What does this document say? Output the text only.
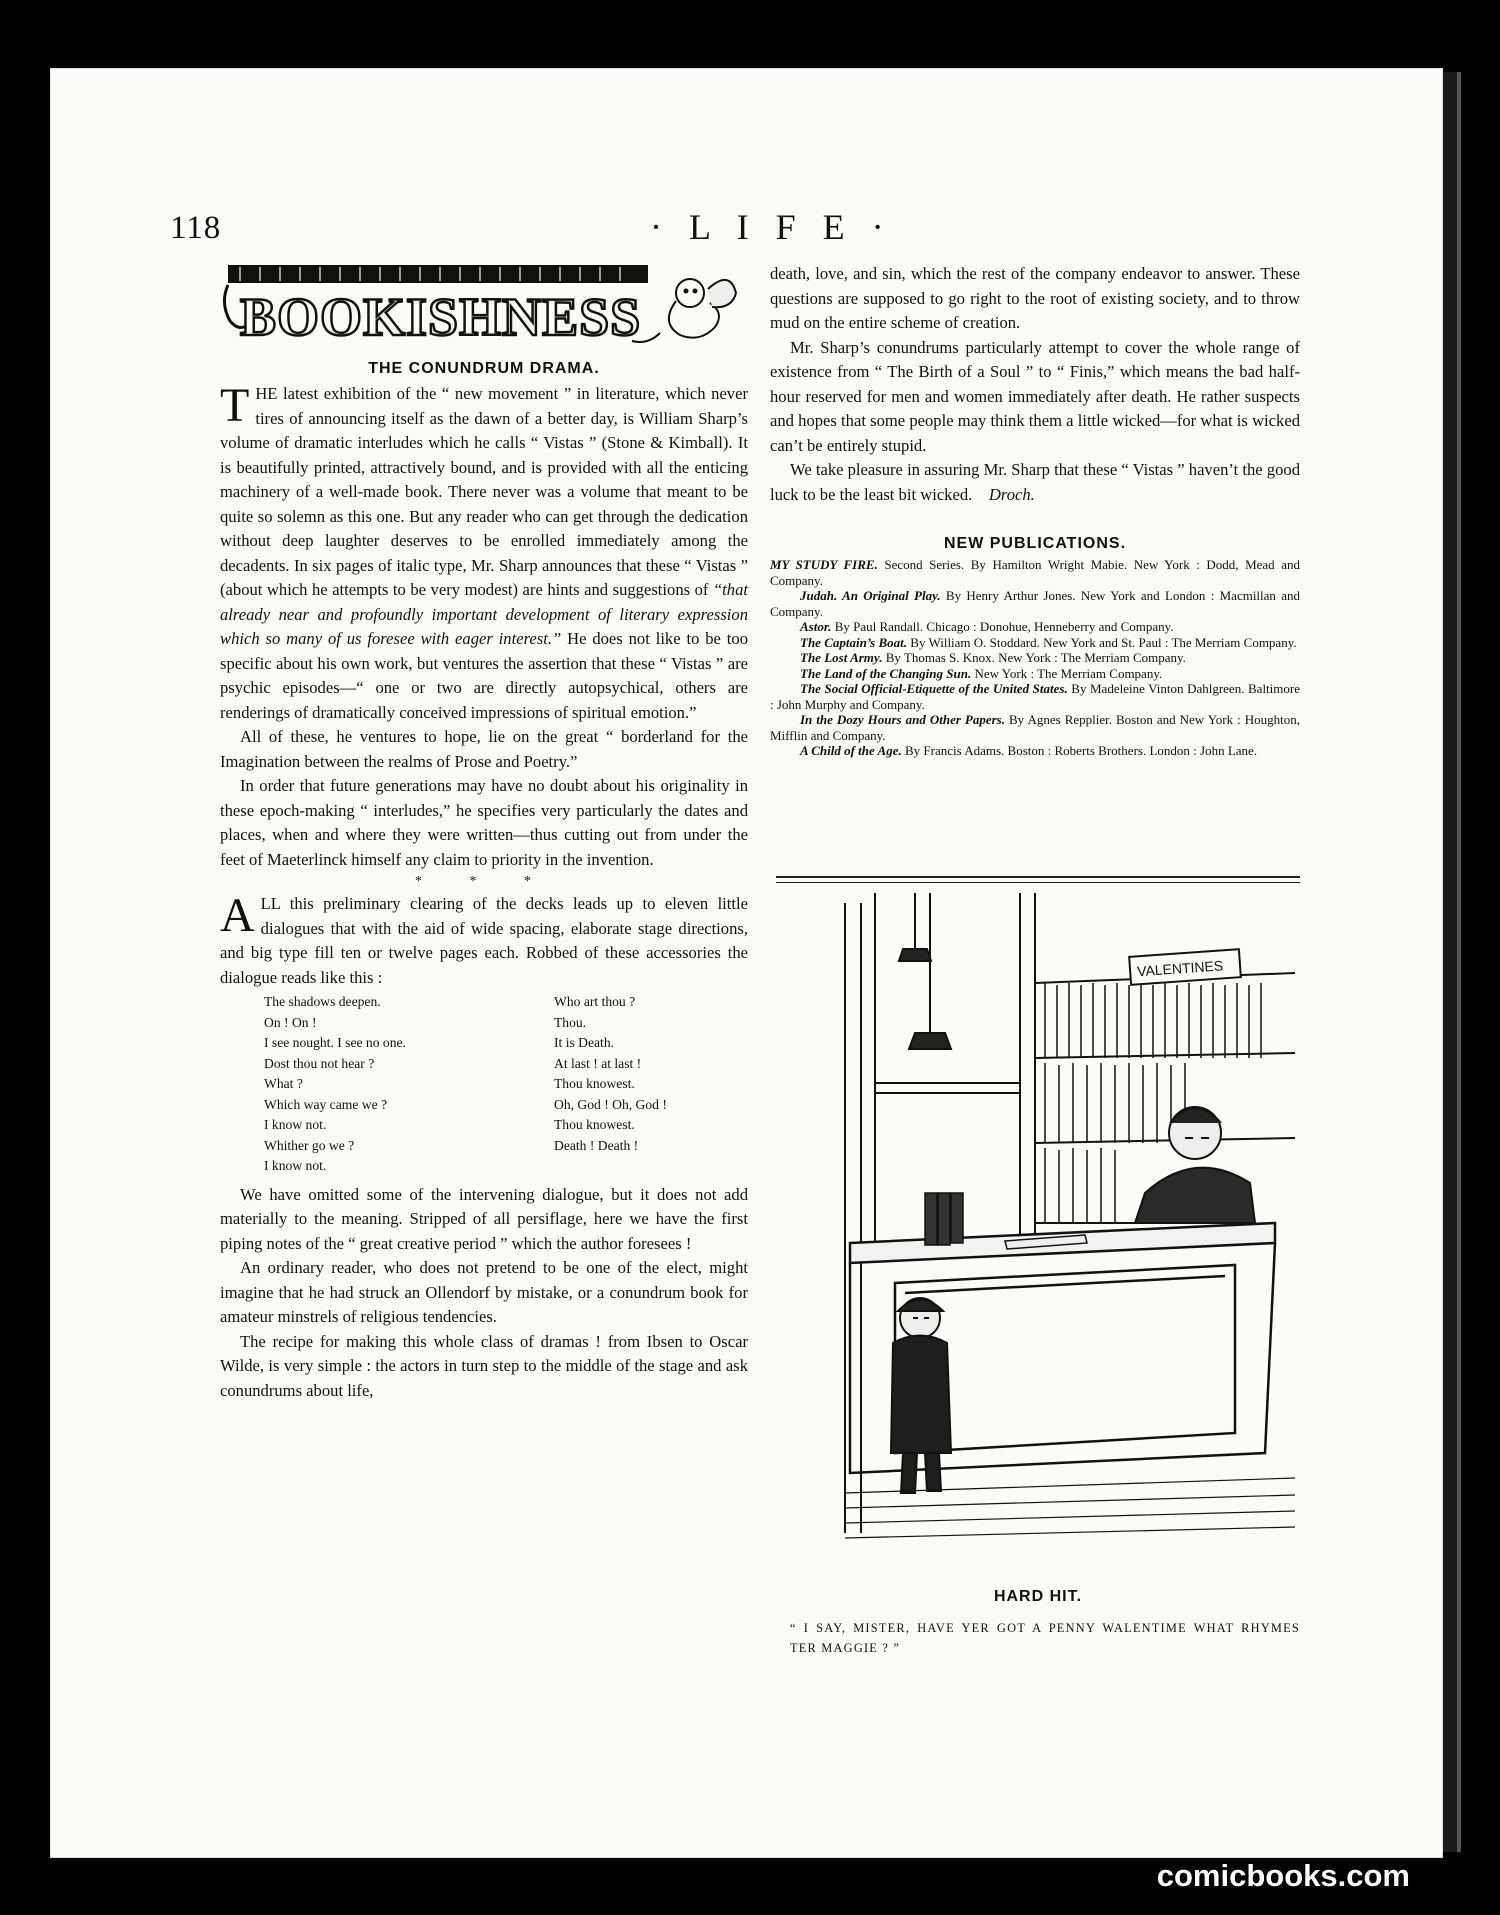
118	· L I F E ·
BOOKISHNESS
THE CONUNDRUM DRAMA.

THE latest exhibition of the “ new movement ” in literature, which never tires of announcing itself as the dawn of a better day, is William Sharp’s volume of dramatic interludes which he calls “ Vistas ” (Stone & Kimball). It is beautifully printed, attractively bound, and is provided with all the enticing machinery of a well-made book. There never was a volume that meant to be quite so solemn as this one. But any reader who can get through the dedication without deep laughter deserves to be enrolled immediately among the decadents. In six pages of italic type, Mr. Sharp announces that these “ Vistas ” (about which he attempts to be very modest) are hints and suggestions of “that already near and profoundly important development of literary expression which so many of us foresee with eager interest.” He does not like to be too specific about his own work, but ventures the assertion that these “ Vistas ” are psychic episodes—“ one or two are directly autopsychical, others are renderings of dramatically conceived impressions of spiritual emotion.”

All of these, he ventures to hope, lie on the great “ borderland for the Imagination between the realms of Prose and Poetry.”

In order that future generations may have no doubt about his originality in these epoch-making “ interludes,” he specifies very particularly the dates and places, when and where they were written—thus cutting out from under the feet of Maeterlinck himself any claim to priority in the invention.

* * *

ALL this preliminary clearing of the decks leads up to eleven little dialogues that with the aid of wide spacing, elaborate stage directions, and big type fill ten or twelve pages each. Robbed of these accessories the dialogue reads like this :

The shadows deepen.	Who art thou ?
On ! On !	Thou.
I see nought. I see no one.	It is Death.
Dost thou not hear ?	At last ! at last !
What ?	Thou knowest.
Which way came we ?	Oh, God ! Oh, God !
I know not.	Thou knowest.
Whither go we ?	Death ! Death !
I know not.

We have omitted some of the intervening dialogue, but it does not add materially to the meaning. Stripped of all persiflage, here we have the first piping notes of the “ great creative period ” which the author foresees !

An ordinary reader, who does not pretend to be one of the elect, might imagine that he had struck an Ollendorf by mistake, or a conundrum book for amateur minstrels of religious tendencies.

The recipe for making this whole class of dramas ! from Ibsen to Oscar Wilde, is very simple : the actors in turn step to the middle of the stage and ask conundrums about life,

death, love, and sin, which the rest of the company endeavor to answer. These questions are supposed to go right to the root of existing society, and to throw mud on the entire scheme of creation.

Mr. Sharp’s conundrums particularly attempt to cover the whole range of existence from “ The Birth of a Soul ” to “ Finis,” which means the bad half-hour reserved for men and women immediately after death. He rather suspects and hopes that some people may think them a little wicked—for what is wicked can’t be entirely stupid.

We take pleasure in assuring Mr. Sharp that these “ Vistas ” haven’t the good luck to be the least bit wicked. Droch.

NEW PUBLICATIONS.

MY STUDY FIRE. Second Series. By Hamilton Wright Mabie. New York : Dodd, Mead and Company.

Judah. An Original Play. By Henry Arthur Jones. New York and London : Macmillan and Company.

Astor. By Paul Randall. Chicago : Donohue, Henneberry and Company.

The Captain’s Boat. By William O. Stoddard. New York and St. Paul : The Merriam Company.

The Lost Army. By Thomas S. Knox. New York : The Merriam Company.

The Land of the Changing Sun. New York : The Merriam Company.

The Social Official-Etiquette of the United States. By Madeleine Vinton Dahlgreen. Baltimore : John Murphy and Company.

In the Dozy Hours and Other Papers. By Agnes Repplier. Boston and New York : Houghton, Mifflin and Company.

A Child of the Age. By Francis Adams. Boston : Roberts Brothers. London : John Lane.

VALENTINES
HARD HIT.
“ I SAY, MISTER, HAVE YER GOT A PENNY WALENTIME WHAT RHYMES TER MAGGIE ? ”
comicbooks.com
